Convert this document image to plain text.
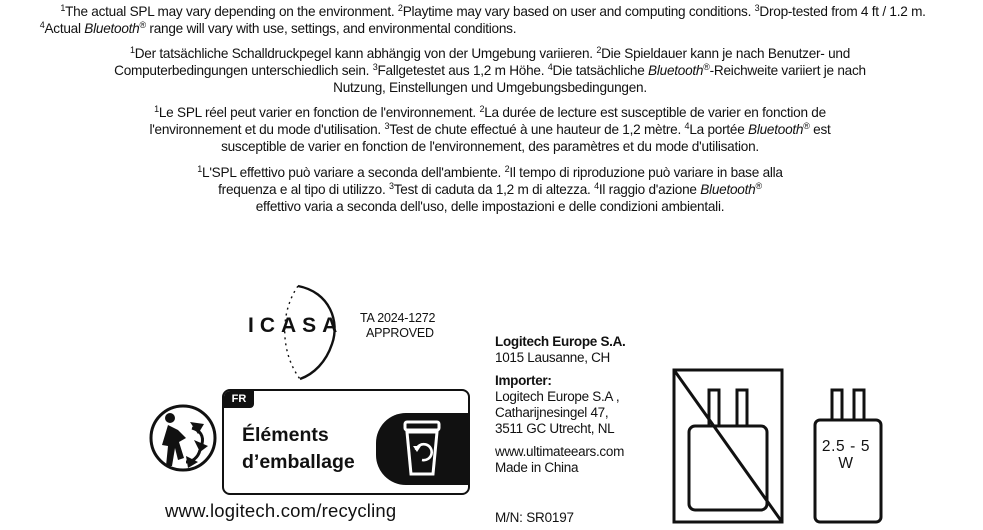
$^1$The actual SPL may vary depending on the environment. $^2$Playtime may vary based on user and computing conditions. $^3$Drop-tested from 4 ft / 1.2 m.
$^4$Actual Bluetooth® range will vary with use, settings, and environmental conditions.
$^1$Der tatsächliche Schalldruckpegel kann abhängig von der Umgebung variieren. $^2$Die Spieldauer kann je nach Benutzer- und
Computerbedingungen unterschiedlich sein. $^3$Fallgetestet aus 1,2 m Höhe. $^4$Die tatsächliche Bluetooth®-Reichweite variiert je nach
Nutzung, Einstellungen und Umgebungsbedingungen.
$^1$Le SPL réel peut varier en fonction de l'environnement. $^2$La durée de lecture est susceptible de varier en fonction de
l'environnement et du mode d'utilisation. $^3$Test de chute effectué à une hauteur de 1,2 mètre. $^4$La portée Bluetooth® est
susceptible de varier en fonction de l'environnement, des paramètres et du mode d'utilisation.
$^1$L'SPL effettivo può variare a seconda dell'ambiente. $^2$Il tempo di riproduzione può variare in base alla
frequenza e al tipo di utilizzo. $^3$Test di caduta da 1,2 m di altezza. $^4$Il raggio d'azione Bluetooth®
effettivo varia a seconda dell'uso, delle impostazioni e delle condizioni ambientali.
ICASA TA 2024-1272
APPROVED
FR
Éléments
d’emballage
www.logitech.com/recycling
Logitech Europe S.A.
1015 Lausanne, CH
Importer:
Logitech Europe S.A ,
Catharijnesingel 47,
3511 GC Utrecht, NL
www.ultimateears.com
Made in China
M/N: SR0197
2.5 - 5
W
